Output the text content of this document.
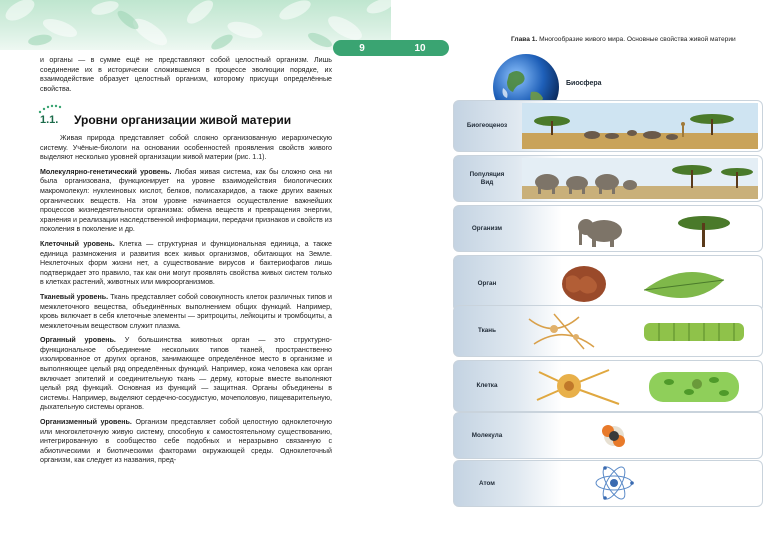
9

и органы — в сумме ещё не представляют собой целостный организм. Лишь соединение их в исторически сложившемся в процессе эволюции порядке, их взаимодействие образует целостный организм, которому присущи определённые свойства.

1.1. Уровни организации живой материи

Живая природа представляет собой сложно организованную иерархическую систему. Учёные-биологи на основании особенностей проявления свойств живого выделяют несколько уровней организации живой материи (рис. 1.1).

Молекулярно-генетический уровень. Любая живая система, как бы сложно она ни была организована, функционирует на уровне взаимодействия биологических макромолекул: нуклеиновых кислот, белков, полисахаридов, а также других важных органических веществ. На этом уровне начинается осуществление важнейших процессов жизнедеятельности организма: обмена веществ и превращения энергии, хранения и реализации наследственной информации, передачи признаков и свойств из поколения в поколение и др.

Клеточный уровень. Клетка — структурная и функциональная единица, а также единица размножения и развития всех живых организмов, обитающих на Земле. Неклеточных форм жизни нет, а существование вирусов и бактериофагов лишь подтверждает это правило, так как они могут проявлять свойства живых систем только в клетках растений, животных или микроорганизмов.

Тканевый уровень. Ткань представляет собой совокупность клеток различных типов и межклеточного вещества, объединённых выполнением общих функций. Например, кровь включает в себя клеточные элементы — эритроциты, лейкоциты и тромбоциты, а межклеточным веществом служит плазма.

Органный уровень. У большинства животных орган — это структурно-функциональное объединение нескольких типов тканей, пространственно изолированное от других органов, занимающее определённое место в организме и выполняющее целый ряд определённых функций. Например, кожа человека как орган включает эпителий и соединительную ткань — дерму, которые вместе выполняют целый ряд функций. Основная из функций — защитная. Органы объединены в системы. Например, выделяют сердечно-сосудистую, мочеполовую, пищеварительную, дыхательную системы органов.

Организменный уровень. Организм представляет собой целостную одноклеточную или многоклеточную живую систему, способную к самостоятельному существованию, интегрированную в сообщество себе подобных и неразрывно связанную с абиотическими и биотическими факторами окружающей среды. Одноклеточный организм, как следует из названия, пред-

10
Глава 1. Многообразие живого мира. Основные свойства живой материи
Биосфера
Биогеоценоз
Популяция
Вид
Организм
Орган
Ткань
Клетка
Молекула
Атом
